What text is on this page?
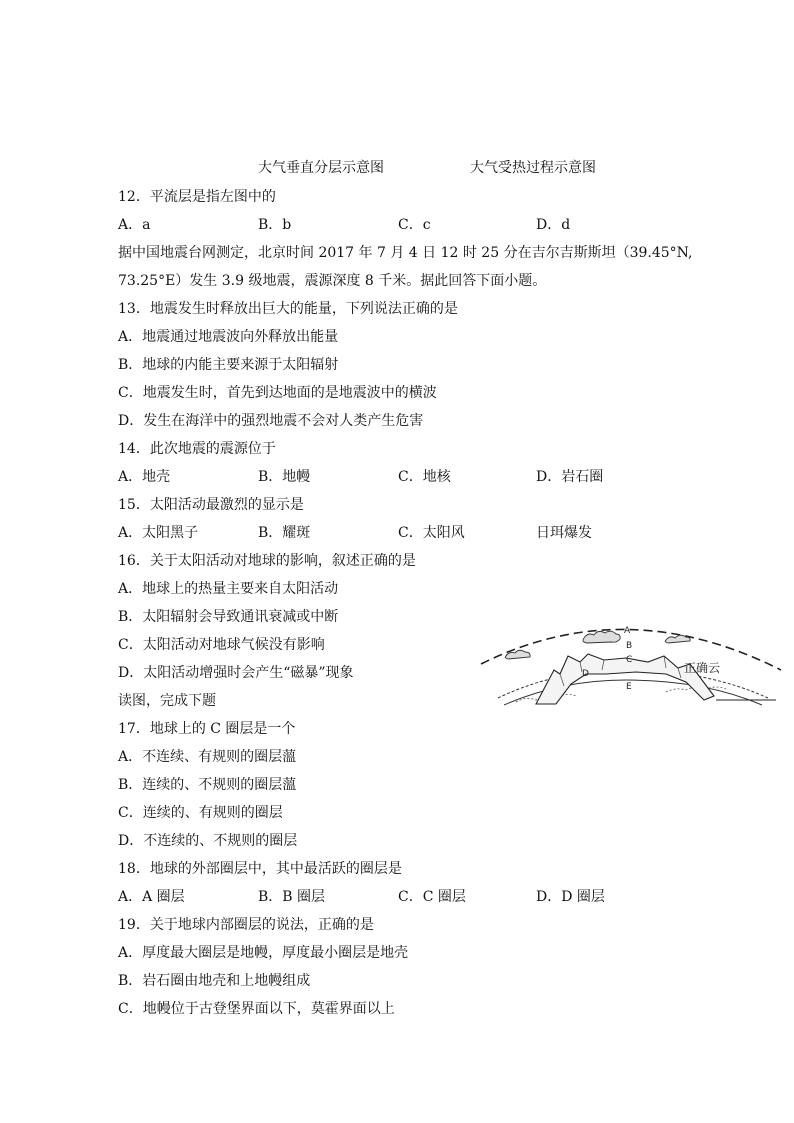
大气垂直分层示意图	大气受热过程示意图
12．平流层是指左图中的
A．a	B．b	C．c	D．d
据中国地震台网测定，北京时间 2017 年 7 月 4 日 12 时 25 分在吉尔吉斯斯坦（39.45°N,
73.25°E）发生 3.9 级地震，震源深度 8 千米。据此回答下面小题。
13．地震发生时释放出巨大的能量，下列说法正确的是
A．地震通过地震波向外释放出能量
B．地球的内能主要来源于太阳辐射
C．地震发生时，首先到达地面的是地震波中的横波
D．发生在海洋中的强烈地震不会对人类产生危害
14．此次地震的震源位于
A．地壳	B．地幔	C．地核	D．岩石圈
15．太阳活动最激烈的显示是
A．太阳黑子	B．耀斑	C．太阳风	日珥爆发
16．关于太阳活动对地球的影响，叙述正确的是
A．地球上的热量主要来自太阳活动
B．太阳辐射会导致通讯衰减或中断
C．太阳活动对地球气候没有影响
D．太阳活动增强时会产生“磁暴”现象
A
B
C
D
E
正确云
读图，完成下题
17．地球上的 C 圈层是一个
A．不连续、有规则的圈层薀
B．连续的、不规则的圈层薀
C．连续的、有规则的圈层
D．不连续的、不规则的圈层
18．地球的外部圈层中，其中最活跃的圈层是
A．A 圈层	B．B 圈层	C．C 圈层	D．D 圈层
19．关于地球内部圈层的说法，正确的是
A．厚度最大圈层是地幔，厚度最小圈层是地壳
B．岩石圈由地壳和上地幔组成
C．地幔位于古登堡界面以下，莫霍界面以上
